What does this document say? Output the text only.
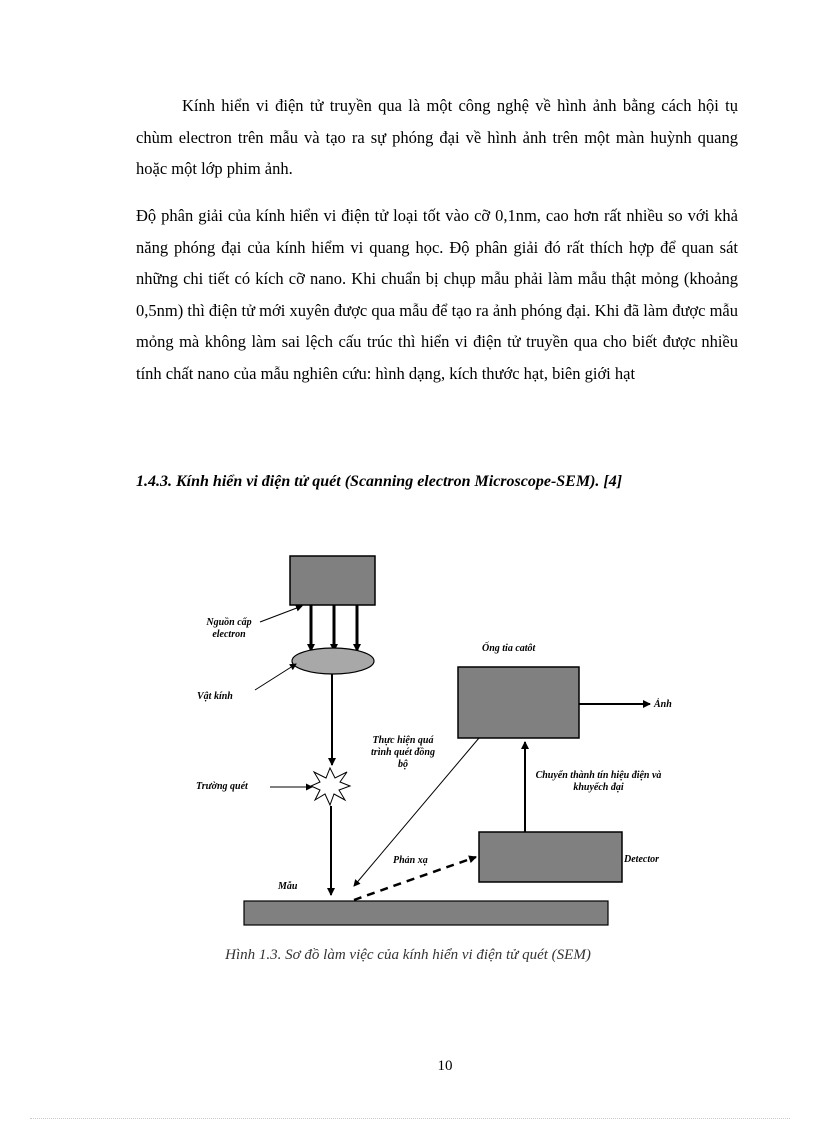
Kính hiển vi điện tử truyền qua là một công nghệ về hình ảnh bằng cách hội tụ chùm electron trên mẫu và tạo ra sự phóng đại về hình ảnh trên một màn huỳnh quang hoặc một lớp phim ảnh.

Độ phân giải của kính hiển vi điện tử loại tốt vào cỡ 0,1nm, cao hơn rất nhiều so với khả năng phóng đại của kính hiểm vi quang học. Độ phân giải đó rất thích hợp để quan sát những chi tiết có kích cỡ nano. Khi chuẩn bị chụp mẫu phải làm mẫu thật mỏng (khoảng 0,5nm) thì điện tử mới xuyên được qua mẫu để tạo ra ảnh phóng đại. Khi đã làm được mẫu mỏng mà không làm sai lệch cấu trúc thì hiển vi điện tử truyền qua cho biết được nhiều tính chất nano của mẫu nghiên cứu: hình dạng, kích thước hạt, biên giới hạt

1.4.3. Kính hiển vi điện tử quét (Scanning electron Microscope-SEM). [4]
Nguồn cấp electron
Vật kính
Trường quét
Mẫu
Ống tia catôt
Ảnh
Thực hiện quá trình quét đồng bộ
Chuyển thành tín hiệu điện và khuyếch đại
Phản xạ	Detector

Hình 1.3. Sơ đồ làm việc của kính hiển vi điện tử quét (SEM)

10
